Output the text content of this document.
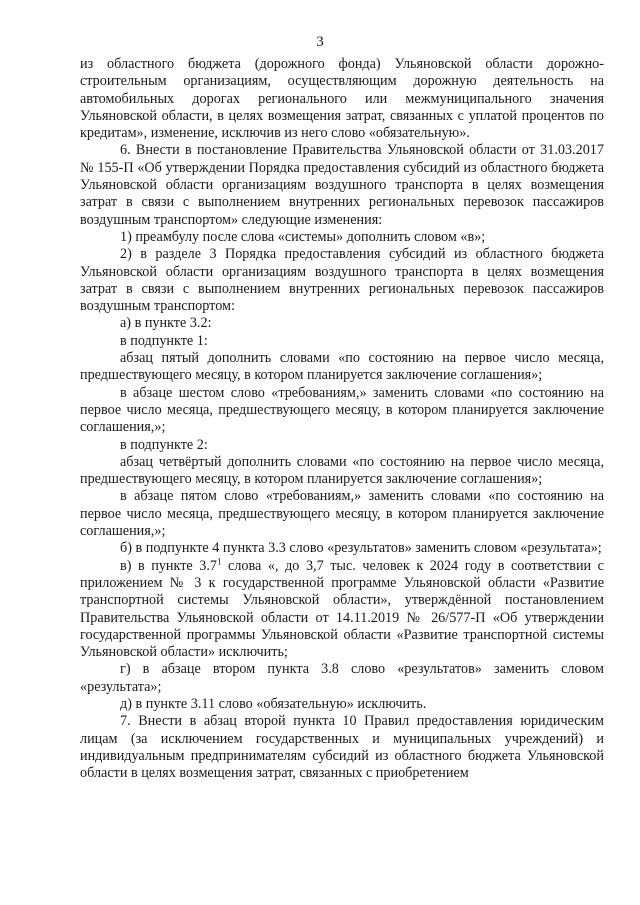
3

из областного бюджета (дорожного фонда) Ульяновской области дорожно-строительным организациям, осуществляющим дорожную деятельность на автомобильных дорогах регионального или межмуниципального значения Ульяновской области, в целях возмещения затрат, связанных с уплатой процентов по кредитам», изменение, исключив из него слово «обязательную».

6. Внести в постановление Правительства Ульяновской области от 31.03.2017 № 155-П «Об утверждении Порядка предоставления субсидий из областного бюджета Ульяновской области организациям воздушного транспорта в целях возмещения затрат в связи с выполнением внутренних региональных перевозок пассажиров воздушным транспортом» следующие изменения:

1) преамбулу после слова «системы» дополнить словом «в»;

2) в разделе 3 Порядка предоставления субсидий из областного бюджета Ульяновской области организациям воздушного транспорта в целях возмещения затрат в связи с выполнением внутренних региональных перевозок пассажиров воздушным транспортом:

а) в пункте 3.2:

в подпункте 1:

абзац пятый дополнить словами «по состоянию на первое число месяца, предшествующего месяцу, в котором планируется заключение соглашения»;

в абзаце шестом слово «требованиям,» заменить словами «по состоянию на первое число месяца, предшествующего месяцу, в котором планируется заключение соглашения,»;

в подпункте 2:

абзац четвёртый дополнить словами «по состоянию на первое число месяца, предшествующего месяцу, в котором планируется заключение соглашения»;

в абзаце пятом слово «требованиям,» заменить словами «по состоянию на первое число месяца, предшествующего месяцу, в котором планируется заключение соглашения,»;

б) в подпункте 4 пункта 3.3 слово «результатов» заменить словом «результата»;

в) в пункте $3.7^1$ слова «, до 3,7 тыс. человек к 2024 году в соответствии с приложением № 3 к государственной программе Ульяновской области «Развитие транспортной системы Ульяновской области», утверждённой постановлением Правительства Ульяновской области от 14.11.2019 № 26/577-П «Об утверждении государственной программы Ульяновской области «Развитие транспортной системы Ульяновской области» исключить;

г) в абзаце втором пункта 3.8 слово «результатов» заменить словом «результата»;

д) в пункте 3.11 слово «обязательную» исключить.

7. Внести в абзац второй пункта 10 Правил предоставления юридическим лицам (за исключением государственных и муниципальных учреждений) и индивидуальным предпринимателям субсидий из областного бюджета Ульяновской области в целях возмещения затрат, связанных с приобретением
